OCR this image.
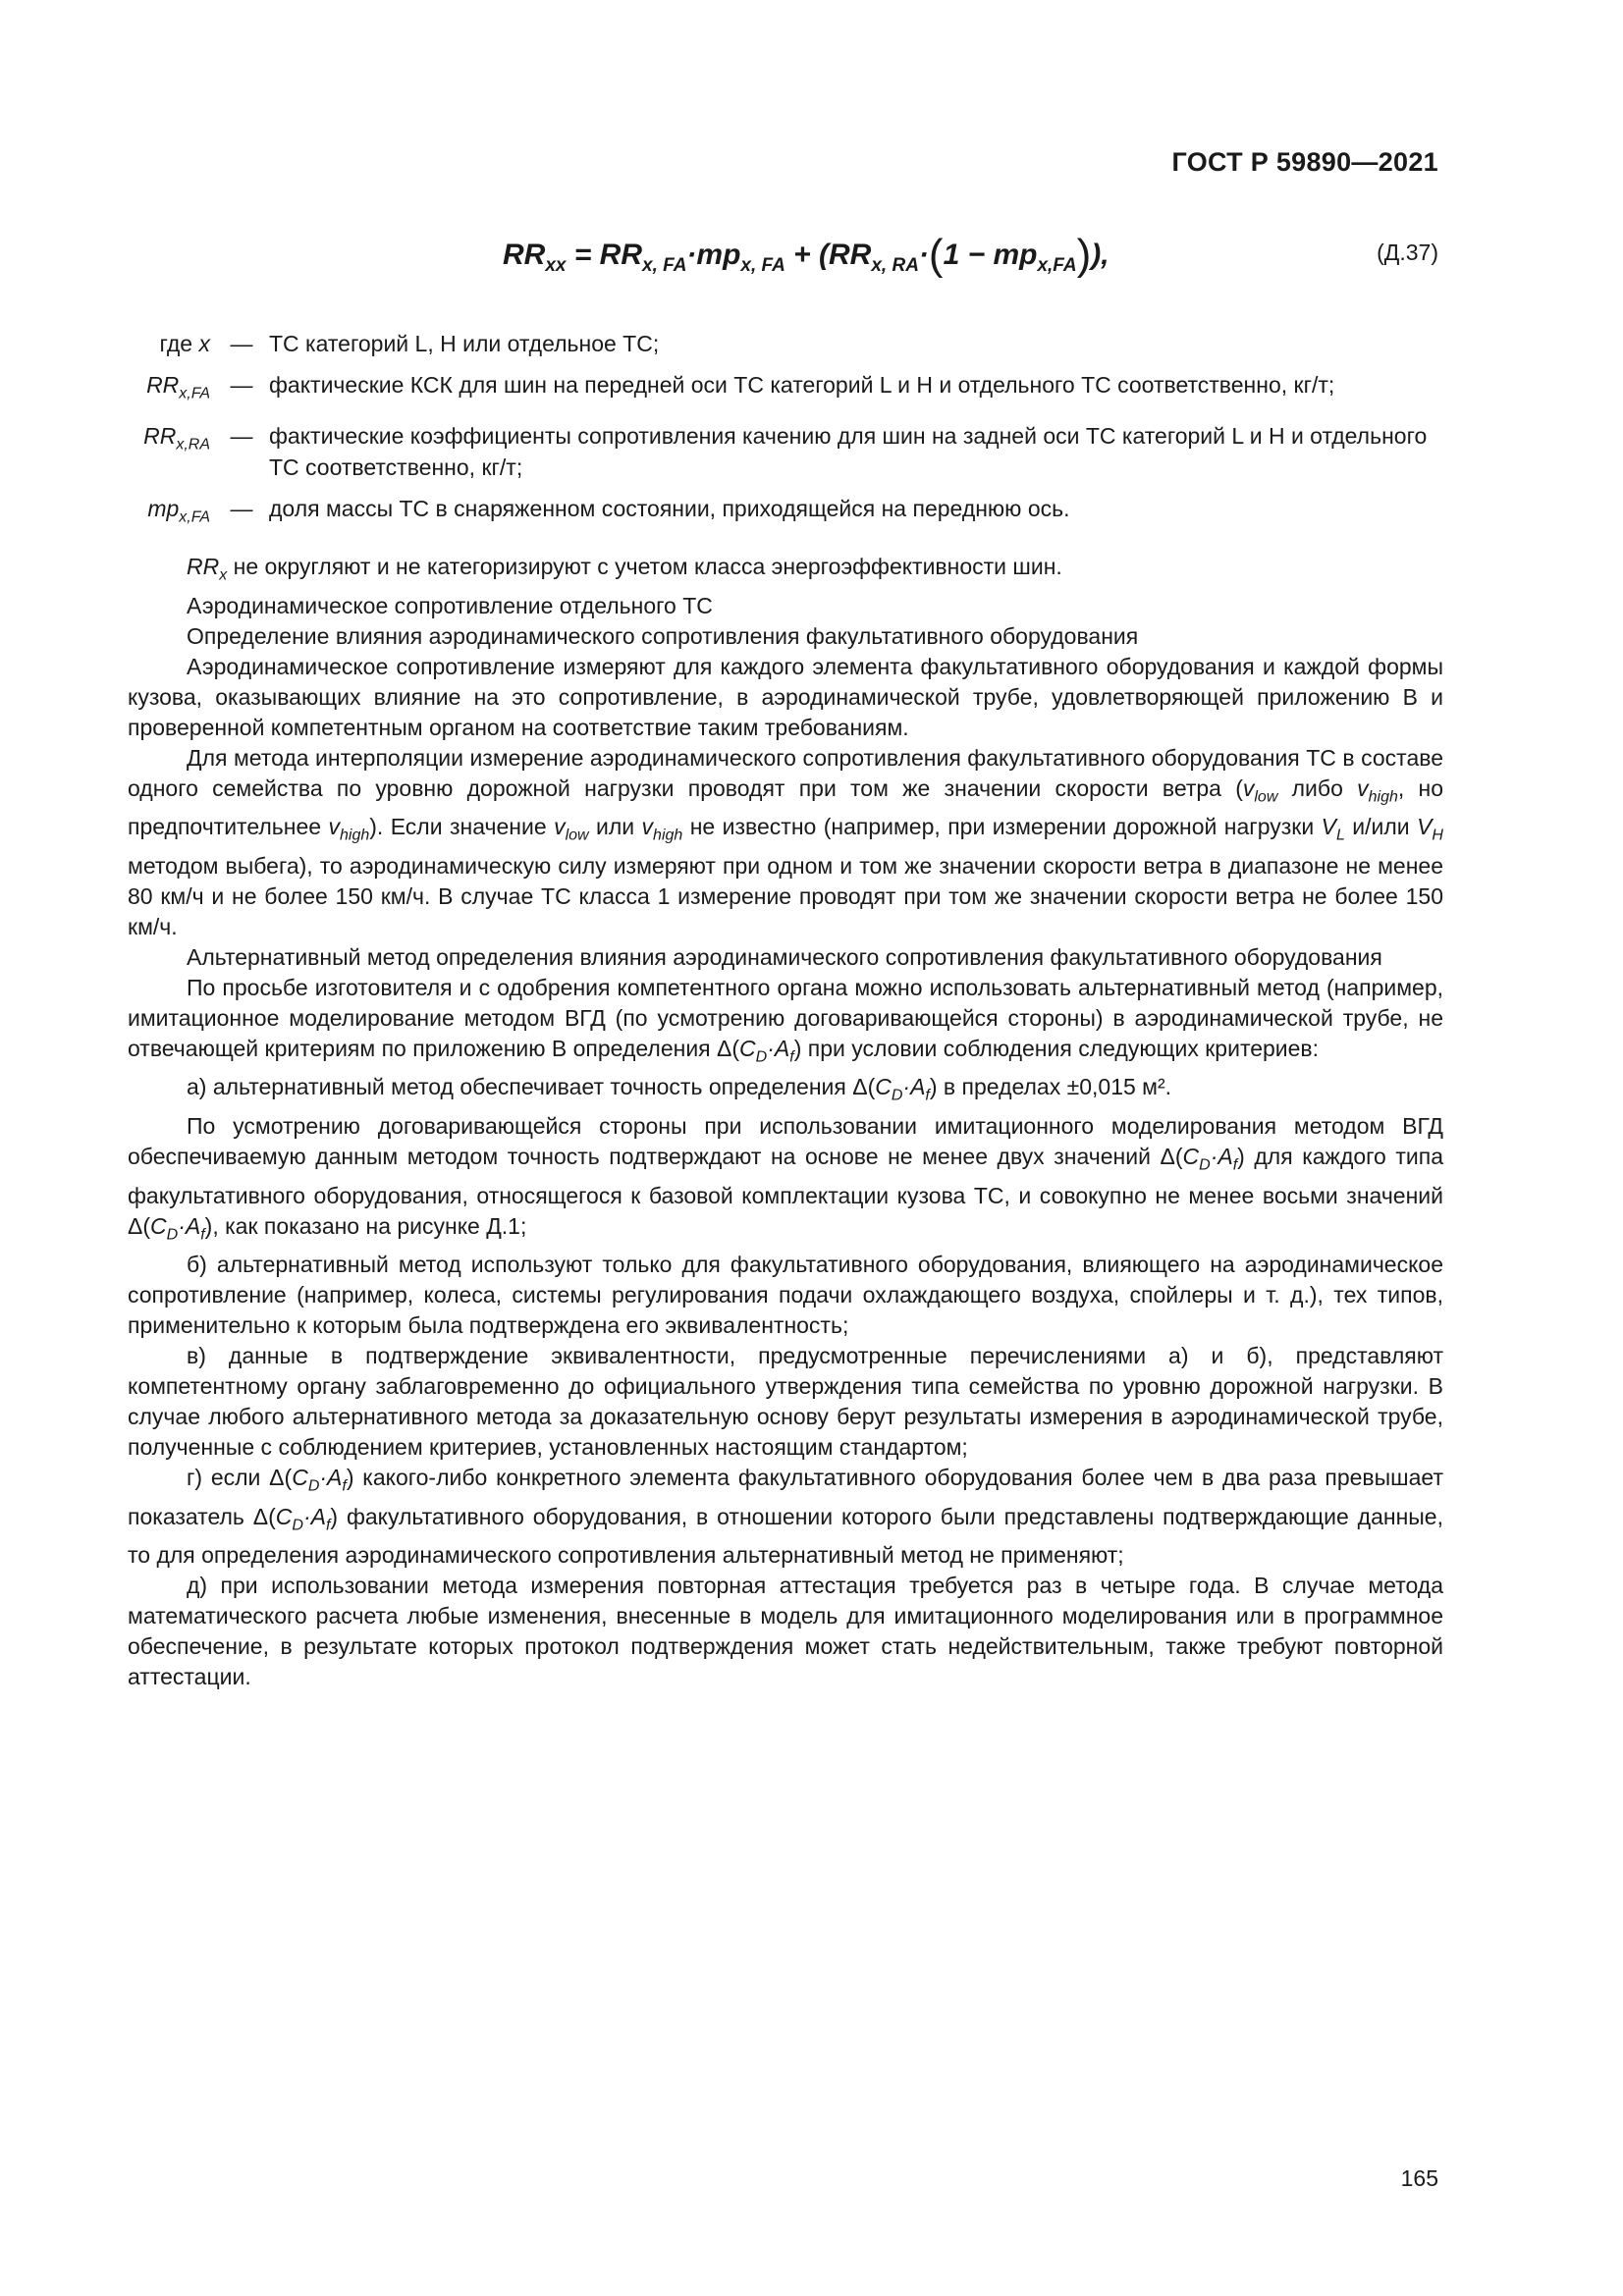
ГОСТ Р 59890—2021
$RR_{xx} = RR_{x, FA}\cdot mp_{x, FA} + (RR_{x, RA}\cdot(1 - mp_{x,FA}))$,	(Д.37)
где x — ТС категорий L, H или отдельное ТС;
$RR_{x,FA}$ — фактические КСК для шин на передней оси ТС категорий L и H и отдельного ТС соответственно, кг/т;
$RR_{x,RA}$ — фактические коэффициенты сопротивления качению для шин на задней оси ТС категорий L и H и отдельного ТС соответственно, кг/т;
$mp_{x,FA}$ — доля массы ТС в снаряженном состоянии, приходящейся на переднюю ось.

$RR_x$ не округляют и не категоризируют с учетом класса энергоэффективности шин.

Аэродинамическое сопротивление отдельного ТС

Определение влияния аэродинамического сопротивления факультативного оборудования

Аэродинамическое сопротивление измеряют для каждого элемента факультативного оборудования и каждой формы кузова, оказывающих влияние на это сопротивление, в аэродинамической трубе, удовлетворяющей приложению В и проверенной компетентным органом на соответствие таким требованиям.

Для метода интерполяции измерение аэродинамического сопротивления факультативного оборудования ТС в составе одного семейства по уровню дорожной нагрузки проводят при том же значении скорости ветра ($v_{low}$ либо $v_{high}$, но предпочтительнее $v_{high}$). Если значение $v_{low}$ или $v_{high}$ не известно (например, при измерении дорожной нагрузки $V_L$ и/или $V_H$ методом выбега), то аэродинамическую силу измеряют при одном и том же значении скорости ветра в диапазоне не менее 80 км/ч и не более 150 км/ч. В случае ТС класса 1 измерение проводят при том же значении скорости ветра не более 150 км/ч.

Альтернативный метод определения влияния аэродинамического сопротивления факультативного оборудования

По просьбе изготовителя и с одобрения компетентного органа можно использовать альтернативный метод (например, имитационное моделирование методом ВГД (по усмотрению договаривающейся стороны) в аэродинамической трубе, не отвечающей критериям по приложению В определения $\Delta(C_D\cdot A_f)$ при условии соблюдения следующих критериев:

а) альтернативный метод обеспечивает точность определения $\Delta(C_D\cdot A_f)$ в пределах ±0,015 м².

По усмотрению договаривающейся стороны при использовании имитационного моделирования методом ВГД обеспечиваемую данным методом точность подтверждают на основе не менее двух значений $\Delta(C_D\cdot A_f)$ для каждого типа факультативного оборудования, относящегося к базовой комплектации кузова ТС, и совокупно не менее восьми значений $\Delta(C_D\cdot A_f)$, как показано на рисунке Д.1;

б) альтернативный метод используют только для факультативного оборудования, влияющего на аэродинамическое сопротивление (например, колеса, системы регулирования подачи охлаждающего воздуха, спойлеры и т. д.), тех типов, применительно к которым была подтверждена его эквивалентность;

в) данные в подтверждение эквивалентности, предусмотренные перечислениями а) и б), представляют компетентному органу заблаговременно до официального утверждения типа семейства по уровню дорожной нагрузки. В случае любого альтернативного метода за доказательную основу берут результаты измерения в аэродинамической трубе, полученные с соблюдением критериев, установленных настоящим стандартом;

г) если $\Delta(C_D\cdot A_f)$ какого-либо конкретного элемента факультативного оборудования более чем в два раза превышает показатель $\Delta(C_D\cdot A_f)$ факультативного оборудования, в отношении которого были представлены подтверждающие данные, то для определения аэродинамического сопротивления альтернативный метод не применяют;

д) при использовании метода измерения повторная аттестация требуется раз в четыре года. В случае метода математического расчета любые изменения, внесенные в модель для имитационного моделирования или в программное обеспечение, в результате которых протокол подтверждения может стать недействительным, также требуют повторной аттестации.

165
